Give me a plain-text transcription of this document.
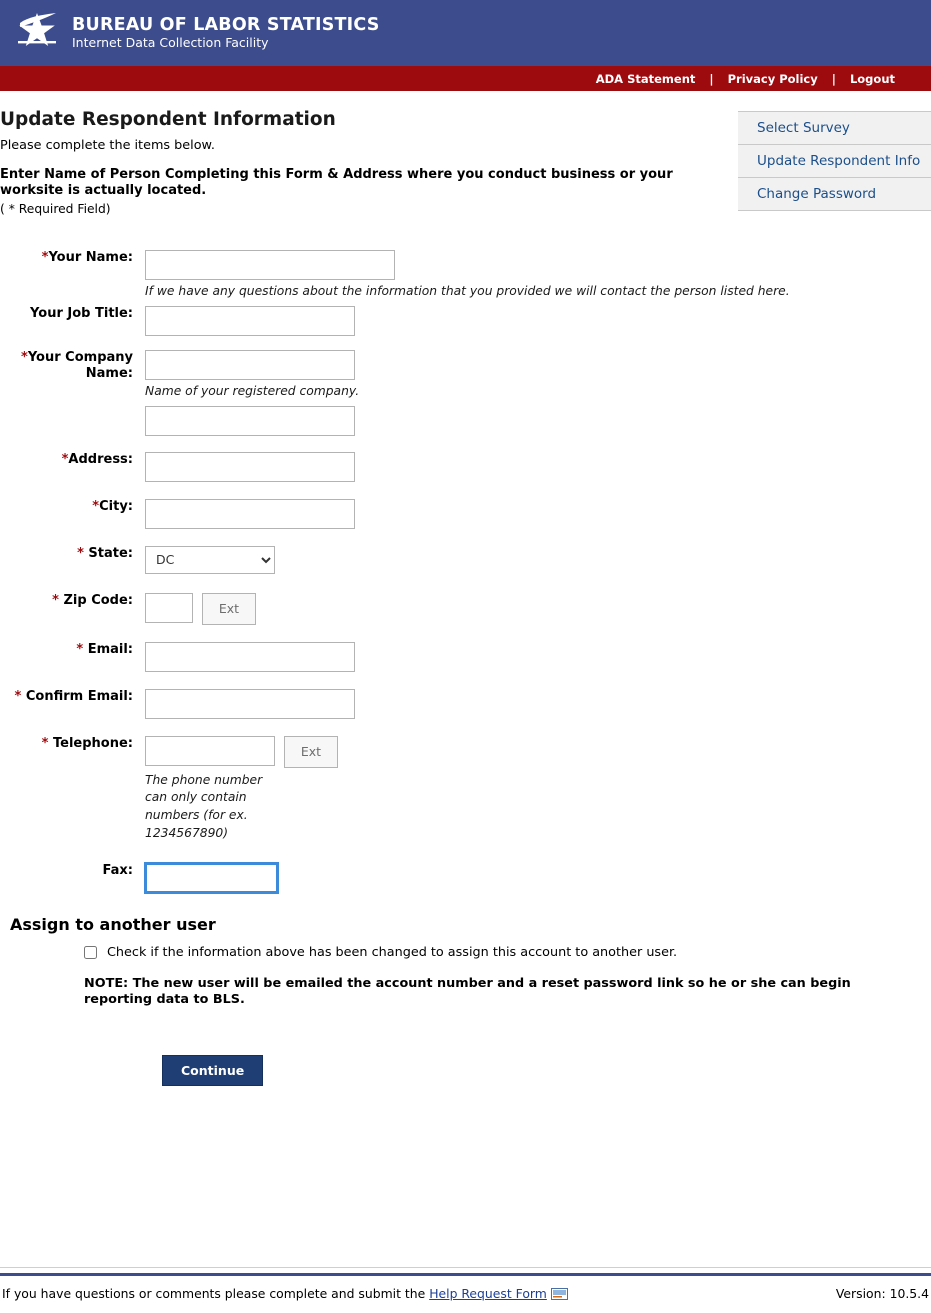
BUREAU OF LABOR STATISTICS
Internet Data Collection Facility
ADA Statement	|	Privacy Policy	|	Logout
Select Survey
Update Respondent Info
Change Password
Update Respondent Information

Please complete the items below.

Enter Name of Person Completing this Form & Address where you conduct business or your worksite is actually located.

( * Required Field)

*Your Name:
If we have any questions about the information that you provided we will contact the person listed here.
Your Job Title:
*Your Company Name:
Name of your registered company.
*Address:
*City:
* State:
DC
* Zip Code:
Ext
* Email:
* Confirm Email:
* Telephone:
Ext
The phone number can only contain numbers (for ex. 1234567890)
Fax:
Assign to another user
Check if the information above has been changed to assign this account to another user.
NOTE: The new user will be emailed the account number and a reset password link so he or she can begin reporting data to BLS.
Continue
If you have questions or comments please complete and submit the Help Request Form	Version: 10.5.4
